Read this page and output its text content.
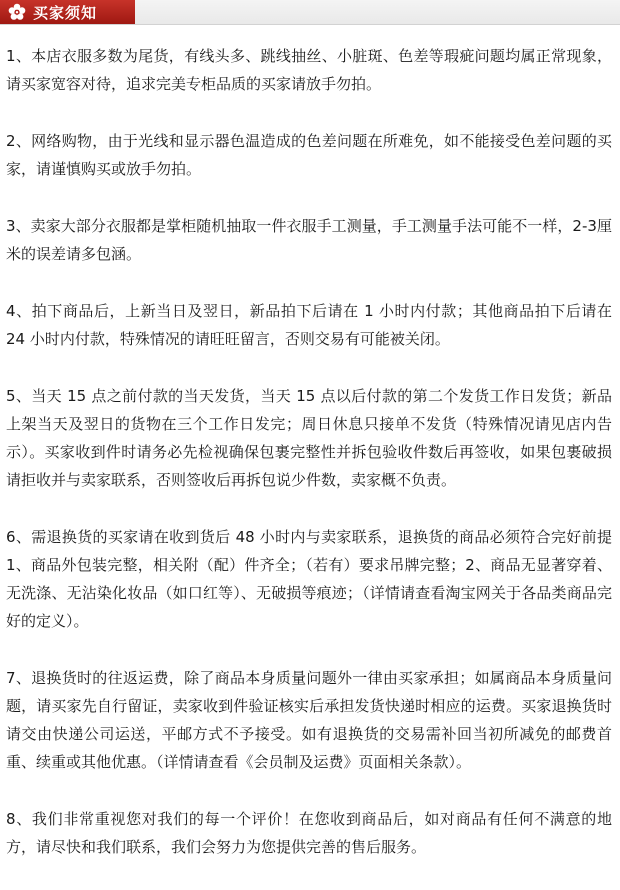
买家须知

1、本店衣服多数为尾货，有线头多、跳线抽丝、小脏斑、色差等瑕疵问题均属正常现象，请买家宽容对待，追求完美专柜品质的买家请放手勿拍。

2、网络购物，由于光线和显示器色温造成的色差问题在所难免，如不能接受色差问题的买家，请谨慎购买或放手勿拍。

3、卖家大部分衣服都是掌柜随机抽取一件衣服手工测量，手工测量手法可能不一样，2-3厘米的误差请多包涵。

4、拍下商品后，上新当日及翌日，新品拍下后请在 1 小时内付款；其他商品拍下后请在 24 小时内付款，特殊情况的请旺旺留言，否则交易有可能被关闭。

5、当天 15 点之前付款的当天发货，当天 15 点以后付款的第二个发货工作日发货；新品上架当天及翌日的货物在三个工作日发完；周日休息只接单不发货（特殊情况请见店内告示）。买家收到件时请务必先检视确保包裹完整性并拆包验收件数后再签收，如果包裹破损请拒收并与卖家联系，否则签收后再拆包说少件数，卖家概不负责。

6、需退换货的买家请在收到货后 48 小时内与卖家联系，退换货的商品必须符合完好前提 1、商品外包装完整，相关附（配）件齐全；（若有）要求吊牌完整；2、商品无显著穿着、无洗涤、无沾染化妆品（如口红等）、无破损等痕迹；（详情请查看淘宝网关于各品类商品完好的定义）。

7、退换货时的往返运费，除了商品本身质量问题外一律由买家承担；如属商品本身质量问题，请买家先自行留证，卖家收到件验证核实后承担发货快递时相应的运费。买家退换货时请交由快递公司运送，平邮方式不予接受。如有退换货的交易需补回当初所减免的邮费首重、续重或其他优惠。（详情请查看《会员制及运费》页面相关条款）。

8、我们非常重视您对我们的每一个评价！在您收到商品后，如对商品有任何不满意的地方，请尽快和我们联系，我们会努力为您提供完善的售后服务。
